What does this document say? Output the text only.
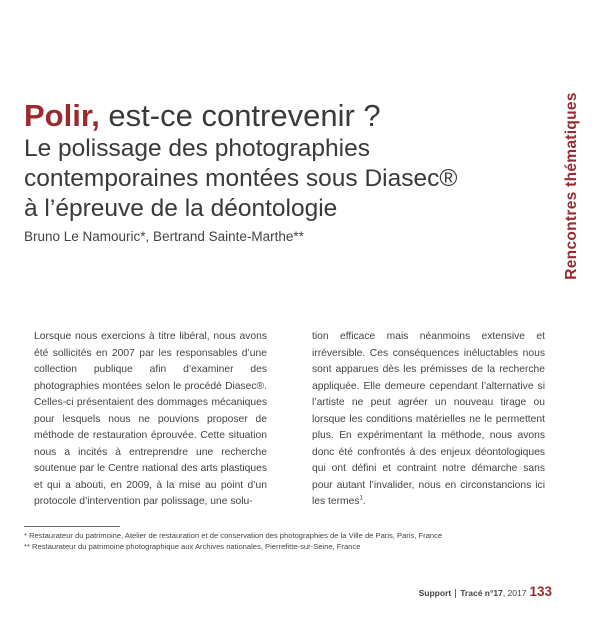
Rencontres thématiques
Polir, est-ce contrevenir ?
Le polissage des photographies
contemporaines montées sous Diasec®
à l’épreuve de la déontologie
Bruno Le Namouric*, Bertrand Sainte-Marthe**
Lorsque nous exercions à titre libéral, nous avons été sollicités en 2007 par les responsables d’une collection publique afin d’examiner des photographies montées selon le procédé Diasec®. Celles-ci présentaient des dommages mécaniques pour lesquels nous ne pouvions proposer de méthode de restauration éprouvée. Cette situation nous a incités à entreprendre une recherche soutenue par le Centre national des arts plastiques et qui a abouti, en 2009, à la mise au point d’un protocole d’intervention par polissage, une solu-
tion efficace mais néanmoins extensive et irréversible. Ces conséquences inéluctables nous sont apparues dès les prémisses de la recherche appliquée. Elle demeure cependant l’alternative si l’artiste ne peut agréer un nouveau tirage ou lorsque les conditions matérielles ne le permettent plus. En expérimentant la méthode, nous avons donc été confrontés à des enjeux déontologiques qui ont défini et contraint notre démarche sans pour autant l’invalider, nous en circonstancions ici les termes$^1$.
* Restaurateur du patrimoine, Atelier de restauration et de conservation des photographies de la Ville de Paris, Paris, France
** Restaurateur du patrimoine photographique aux Archives nationales, Pierrefitte-sur-Seine, France
Support Tracé n°17, 2017 133
